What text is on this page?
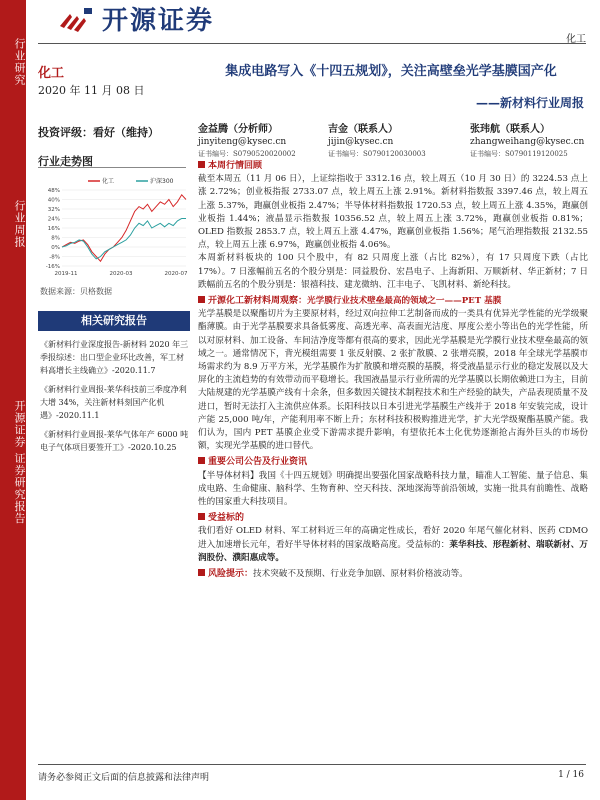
行业研究
行业周报
开源证券 证券研究报告
开源证券
化工
化工
2020 年 11 月 08 日
集成电路写入《十四五规划》，关注高壁垒光学基膜国产化
——新材料行业周报
投资评级：看好（维持）	金益腾（分析师）
jinyiteng@kysec.cn
证书编号：S0790520020002
吉金（联系人）
jijin@kysec.cn
证书编号：S0790120030003
张玮航（联系人）
zhangweihang@kysec.cn
证书编号：S0790119120025
行业走势图
-16%
-8%
0%
8%
16%
24%
32%
40%
48%
2019-11	2020-03	2020-07
化工	沪深300
数据来源：贝格数据
相关研究报告

《新材料行业深度报告-新材料 2020 年三季报综述：出口型企业环比改善，军工材料高增长主线确立》-2020.11.7

《新材料行业周报-莱华科技前三季度净利大增 34%，关注新材料刻国产化机遇》-2020.11.1

《新材料行业周报-莱华气体年产 6000 吨电子气体项目要签开工》-2020.10.25

本周行情回顾

截至本周五（11 月 06 日），上证综指收于 3312.16 点，较上周五（10 月 30 日）的 3224.53 点上涨 2.72%；创业板指报 2733.07 点，较上周五上涨 2.91%。新材料指数报 3397.46 点，较上周五上涨 5.37%，跑赢创业板指 2.47%；半导体材料指数报 1720.53 点，较上周五上涨 4.35%，跑赢创业板指 1.44%；液晶显示指数报 10356.52 点，较上周五上涨 3.72%，跑赢创业板指 0.81%；OLED 指数报 2853.7 点，较上周五上涨 4.47%，跑赢创业板指 1.56%；尾气治理指数报 2132.55 点，较上周五上涨 6.97%，跑赢创业板指 4.06%。

本周新材料板块的 100 只个股中，有 82 只周度上涨（占比 82%），有 17 只周度下跌（占比 17%）。7 日涨幅前五名的个股分别是：同益股份、宏昌电子、上海新阳、万顺新材、华正新材；7 日跌幅前五名的个股分别是：银禧科技、建龙微纳、江丰电子、飞凯材料、新纶科技。

开源化工新材料周观察：光学膜行业技术壁垒最高的领域之一——PET 基膜

光学基膜是以聚酯切片为主要原材料，经过双向拉伸工艺制备而成的一类具有优异光学性能的光学级聚酯薄膜。由于光学基膜要求具备低雾度、高透光率、高表面光洁度、厚度公差小等出色的光学性能，所以对原材料、加工设备、车间洁净度等都有很高的要求，因此光学基膜是光学膜行业技术壁垒最高的领域之一。通常情况下，背光模组需要 1 张反射膜、2 张扩散膜、2 张增亮膜，2018 年全球光学基膜市场需求约为 8.9 万平方米，光学基膜作为扩散膜和增亮膜的基膜，将受液晶显示行业的稳定发展以及大屏化的主流趋势的有效带动而平稳增长。我国液晶显示行业所需的光学基膜以长期依赖进口为主，目前大陆规建的光学基膜产线有十余条，但多数因关键技术制程技术和生产经验的缺失，产品表现质量不及进口，暂时无法打入主流供应体系。长阳科技以日本引进光学基膜生产线并于 2018 年安装完成，设计产能 25,000 吨/年，产能利用率不断上升；东材科技积极购推进光学，扩大光学级聚酯基膜产能。我们认为，国内 PET 基膜企业受下游需求提升影响，有望依托本土化优势逐渐抢占海外巨头的市场份额，实现光学基膜的进口替代。

重要公司公告及行业资讯

【半导体材料】我国《十四五规划》明确提出要强化国家战略科技力量，瞄准人工智能、量子信息、集成电路、生命健康、脑科学、生物育种、空天科技、深地深海等前沿领域，实施一批具有前瞻性、战略性的国家重大科技项目。

受益标的

我们看好 OLED 材料、军工材料近三年的高确定性成长，看好 2020 年尾气催化材料、医药 CDMO 进入加速增长元年，看好半导体材料的国家战略高度。受益标的：莱华科技、形程新材、瑞联新材、万润股份、濮阳惠成等。

风险提示：技术突破不及预期、行业竞争加剧、原材料价格波动等。

请务必参阅正文后面的信息披露和法律声明	1 / 16
